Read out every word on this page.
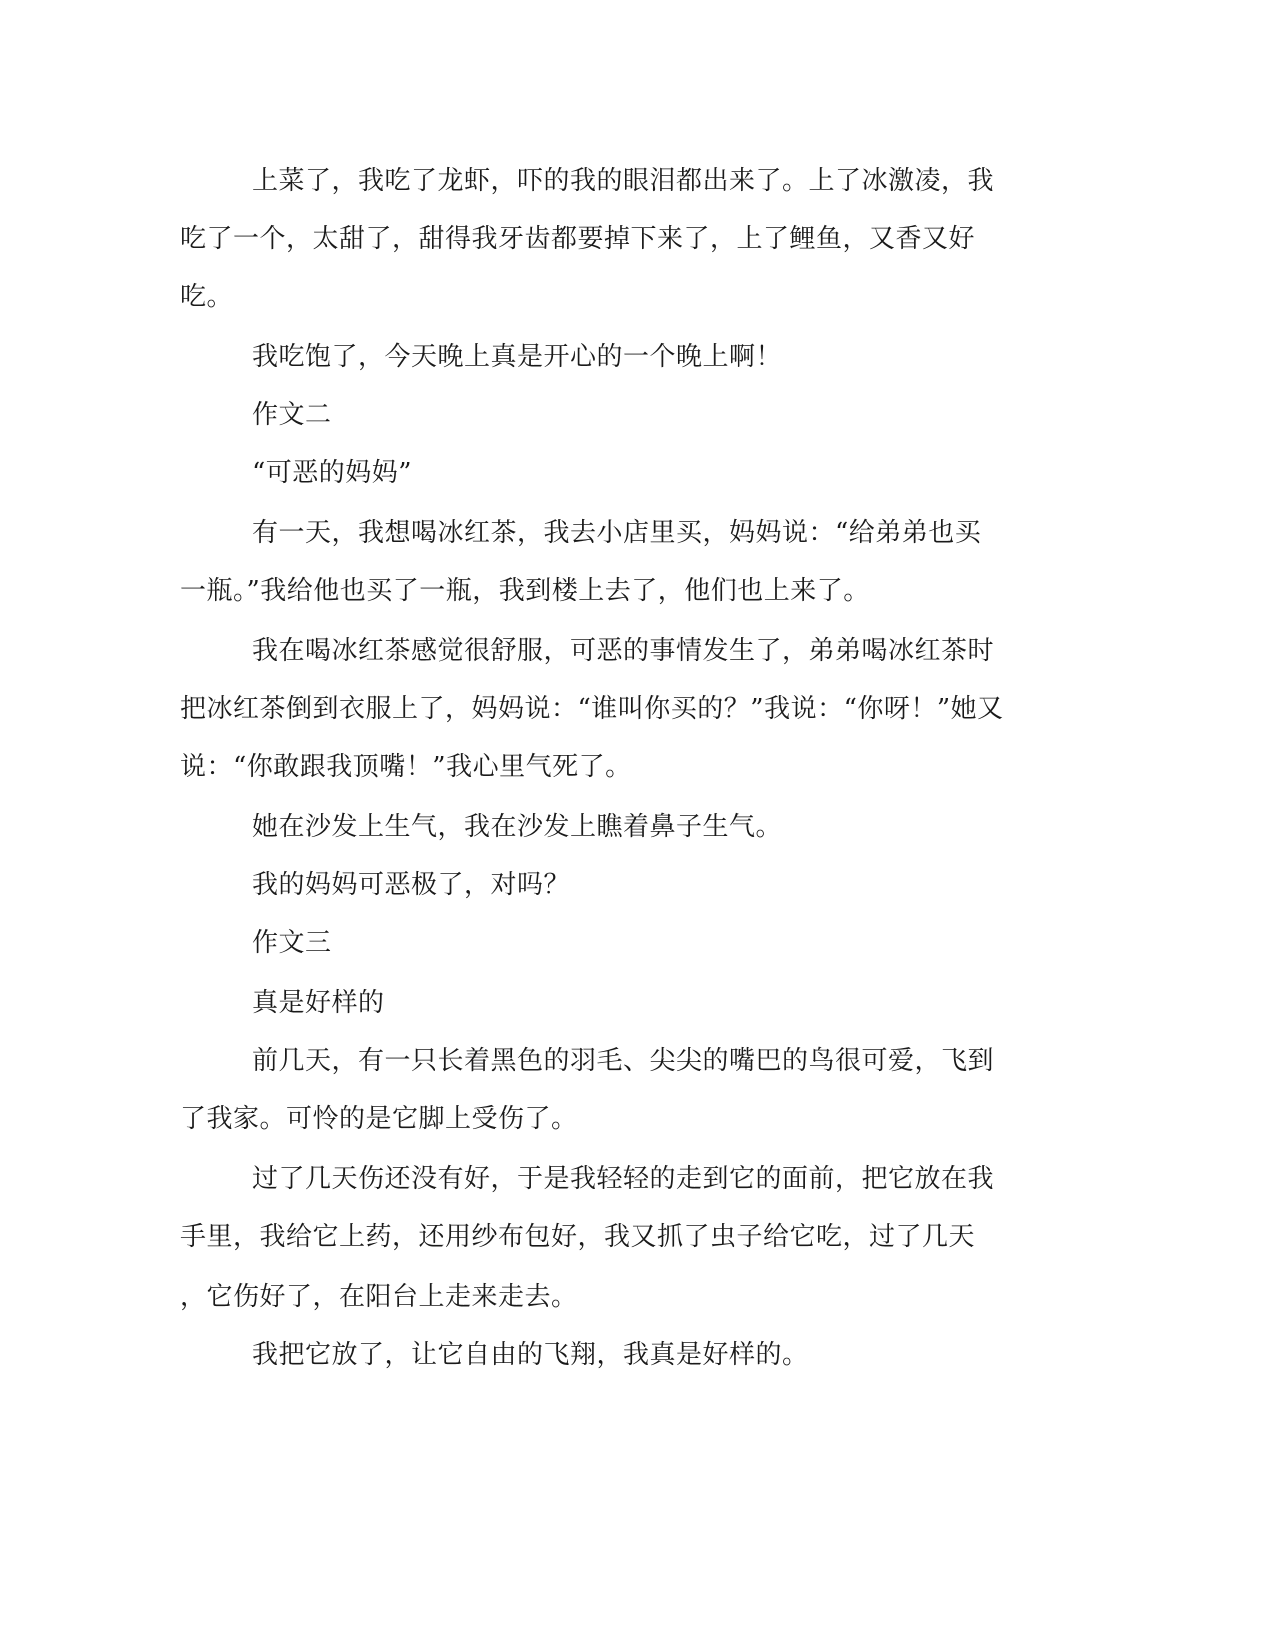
上菜了，我吃了龙虾，吓的我的眼泪都出来了。上了冰激凌，我
吃了一个，太甜了，甜得我牙齿都要掉下来了，上了鲤鱼，又香又好
吃。
我吃饱了，今天晚上真是开心的一个晚上啊！
作文二
“可恶的妈妈”
有一天，我想喝冰红茶，我去小店里买，妈妈说：“给弟弟也买
一瓶。”我给他也买了一瓶，我到楼上去了，他们也上来了。
我在喝冰红茶感觉很舒服，可恶的事情发生了，弟弟喝冰红茶时
把冰红茶倒到衣服上了，妈妈说：“谁叫你买的？”我说：“你呀！”她又
说：“你敢跟我顶嘴！”我心里气死了。
她在沙发上生气，我在沙发上瞧着鼻子生气。
我的妈妈可恶极了，对吗？
作文三
真是好样的
前几天，有一只长着黑色的羽毛、尖尖的嘴巴的鸟很可爱，飞到
了我家。可怜的是它脚上受伤了。
过了几天伤还没有好，于是我轻轻的走到它的面前，把它放在我
手里，我给它上药，还用纱布包好，我又抓了虫子给它吃，过了几天
，它伤好了，在阳台上走来走去。
我把它放了，让它自由的飞翔，我真是好样的。
